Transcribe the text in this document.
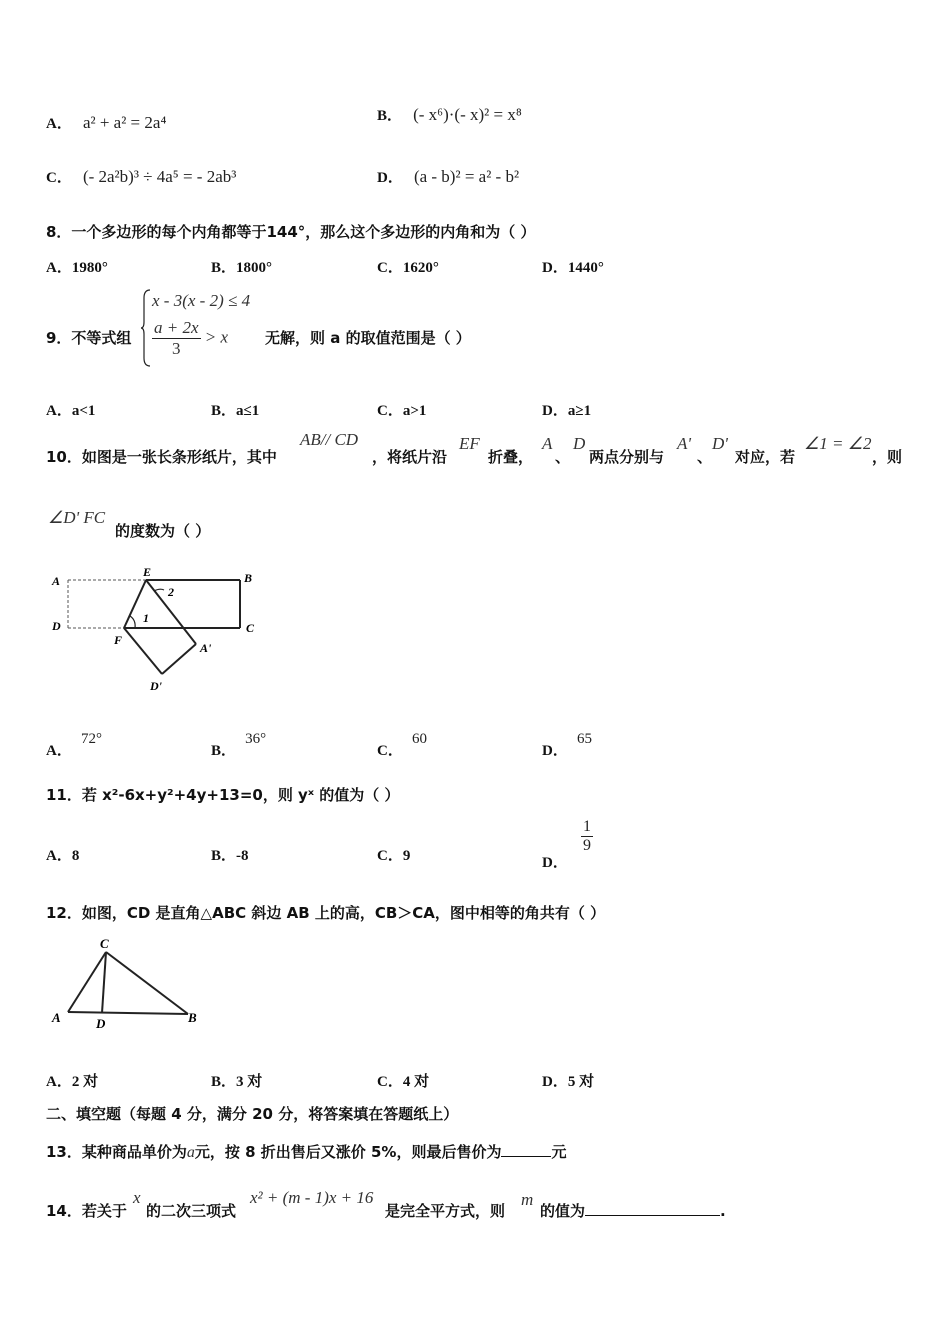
A． a² + a² = 2a⁴	B． (- x⁶)·(- x)² = x⁸
C． (- 2a²b)³ ÷ 4a⁵ = - 2ab³	D． (a - b)² = a² - b²
8．一个多边形的每个内角都等于144°，那么这个多边形的内角和为（ ）
A．1980°	B．1800°	C．1620°	D．1440°
9．不等式组
x - 3(x - 2) ≤ 4
$\frac{a + 2x}{3} > x$ 无解，则 a 的取值范围是（ ）
A．a<1	B．a≤1	C．a>1	D．a≥1
10．如图是一张长条形纸片，其中
AB// CD
，将纸片沿
EF
折叠，
A
、
D
两点分别与
A'
、
D'
对应，若
∠1 = ∠2
，则
∠D' FC
的度数为（ ）
A
E	B
D
F
C
A'
D'
1
2
A． 72°
B． 36°
C． 60
D． 65
11．若 x²-6x+y²+4y+13=0，则 yˣ 的值为（ ）
A．8	B．-8	C．9	D．
$\frac{1}{9}$
12．如图，CD 是直角△ABC 斜边 AB 上的高，CB＞CA，图中相等的角共有（ ）
C
A	D	B
A．2 对	B．3 对	C．4 对	D．5 对
二、填空题（每题 4 分，满分 20 分，将答案填在答题纸上）
13．某种商品单价为a元，按 8 折出售后又涨价 5%，则最后售价为	元
14．若关于
x
的二次三项式
x² + (m - 1)x + 16
是完全平方式，则
m
的值为	.
